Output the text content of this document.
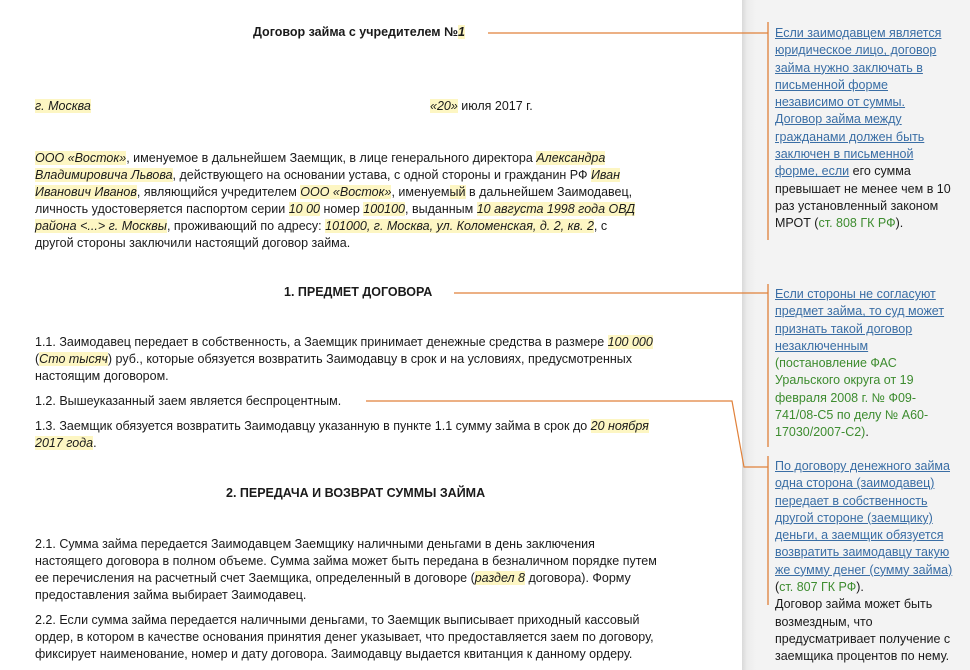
Договор займа с учредителем №1
г. Москва	«20» июля 2017 г.
ООО «Восток», именуемое в дальнейшем Заемщик, в лице генерального директора Александра
Владимировича Львова, действующего на основании устава, с одной стороны и гражданин РФ Иван
Иванович Иванов, являющийся учредителем ООО «Восток», именуемый в дальнейшем Заимодавец,
личность удостоверяется паспортом серии 10 00 номер 100100, выданным 10 августа 1998 года ОВД
района <...> г. Москвы, проживающий по адресу: 101000, г. Москва, ул. Коломенская, д. 2, кв. 2, с
другой стороны заключили настоящий договор займа.
1. ПРЕДМЕТ ДОГОВОРА
1.1. Заимодавец передает в собственность, а Заемщик принимает денежные средства в размере 100 000
(Сто тысяч) руб., которые обязуется возвратить Заимодавцу в срок и на условиях, предусмотренных
настоящим договором.
1.2. Вышеуказанный заем является беспроцентным.
1.3. Заемщик обязуется возвратить Заимодавцу указанную в пункте 1.1 сумму займа в срок до 20 ноября
2017 года.
2. ПЕРЕДАЧА И ВОЗВРАТ СУММЫ ЗАЙМА
2.1. Сумма займа передается Заимодавцем Заемщику наличными деньгами в день заключения
настоящего договора в полном объеме. Сумма займа может быть передана в безналичном порядке путем
ее перечисления на расчетный счет Заемщика, определенный в договоре (раздел 8 договора). Форму
предоставления займа выбирает Заимодавец.
2.2. Если сумма займа передается наличными деньгами, то Заемщик выписывает приходный кассовый
ордер, в котором в качестве основания принятия денег указывает, что предоставляется заем по договору,
фиксирует наименование, номер и дату договора. Заимодавцу выдается квитанция к данному ордеру.
Если заимодавцем является
юридическое лицо, договор
займа нужно заключать в
письменной форме
независимо от суммы.
Договор займа между
гражданами должен быть
заключен в письменной
форме, если его сумма
превышает не менее чем в 10
раз установленный законом
МРОТ (ст. 808 ГК РФ).
Если стороны не согласуют
предмет займа, то суд может
признать такой договор
незаключенным
(постановление ФАС
Уральского округа от 19
февраля 2008 г. № Ф09-
741/08-С5 по делу № А60-
17030/2007-С2).
По договору денежного займа
одна сторона (заимодавец)
передает в собственность
другой стороне (заемщику)
деньги, а заемщик обязуется
возвратить заимодавцу такую
же сумму денег (сумму займа)
(ст. 807 ГК РФ).
Договор займа может быть
возмездным, что
предусматривает получение с
заемщика процентов по нему.
